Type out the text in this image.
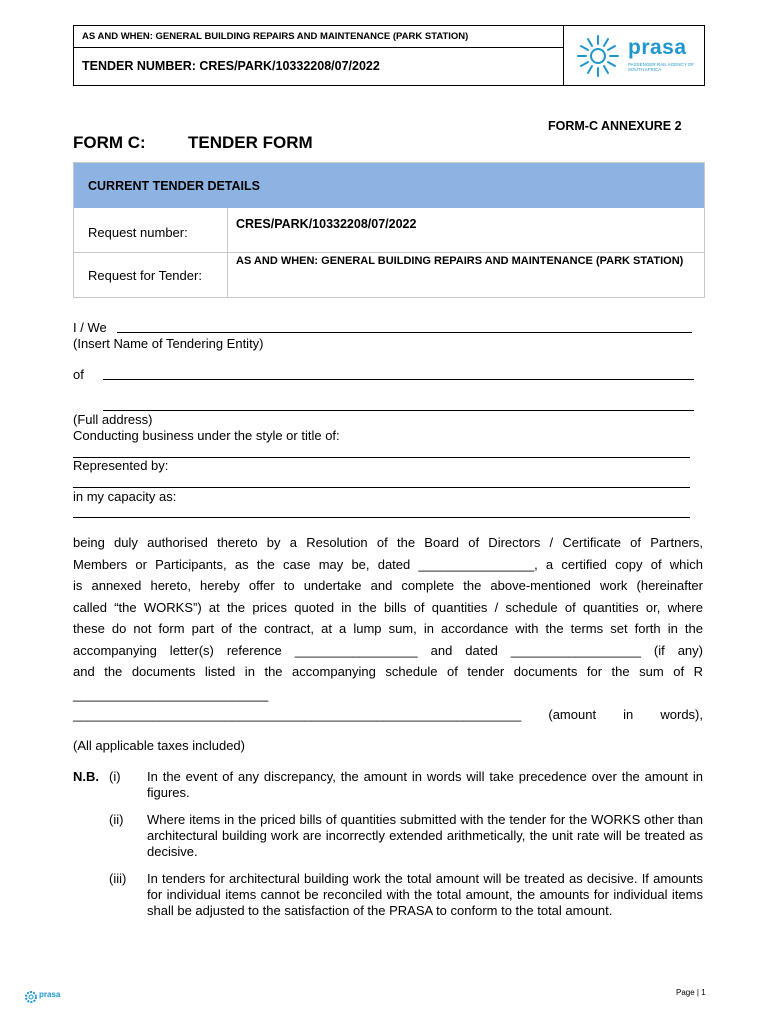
AS AND WHEN: GENERAL BUILDING REPAIRS AND MAINTENANCE (PARK STATION)
TENDER NUMBER: CRES/PARK/10332208/07/2022
prasa
PASSENGER RAIL AGENCY OF SOUTH AFRICA
FORM-C ANNEXURE 2
FORM C: TENDER FORM
CURRENT TENDER DETAILS
Request number:
CRES/PARK/10332208/07/2022
Request for Tender:
AS AND WHEN: GENERAL BUILDING REPAIRS AND MAINTENANCE (PARK STATION)
I / We
(Insert Name of Tendering Entity)
of
(Full address)
Conducting business under the style or title of:
Represented by:
in my capacity as:
being duly authorised thereto by a Resolution of the Board of Directors / Certificate of Partners,
Members or Participants, as the case may be, dated ________________, a certified copy of which
is annexed hereto, hereby offer to undertake and complete the above-mentioned work (hereinafter
called “the WORKS”) at the prices quoted in the bills of quantities / schedule of quantities or, where
these do not form part of the contract, at a lump sum, in accordance with the terms set forth in the
accompanying letter(s) reference _________________ and dated __________________ (if any)
and the documents listed in the accompanying schedule of tender documents for the sum of R
___________________________
______________________________________________________________ (amount in words),
(All applicable taxes included)
N.B. (i) In the event of any discrepancy, the amount in words will take precedence over the amount in figures.
(ii) Where items in the priced bills of quantities submitted with the tender for the WORKS other than architectural building work are incorrectly extended arithmetically, the unit rate will be treated as decisive.
(iii) In tenders for architectural building work the total amount will be treated as decisive. If amounts for individual items cannot be reconciled with the total amount, the amounts for individual items shall be adjusted to the satisfaction of the PRASA to conform to the total amount.
prasa	Page | 1
